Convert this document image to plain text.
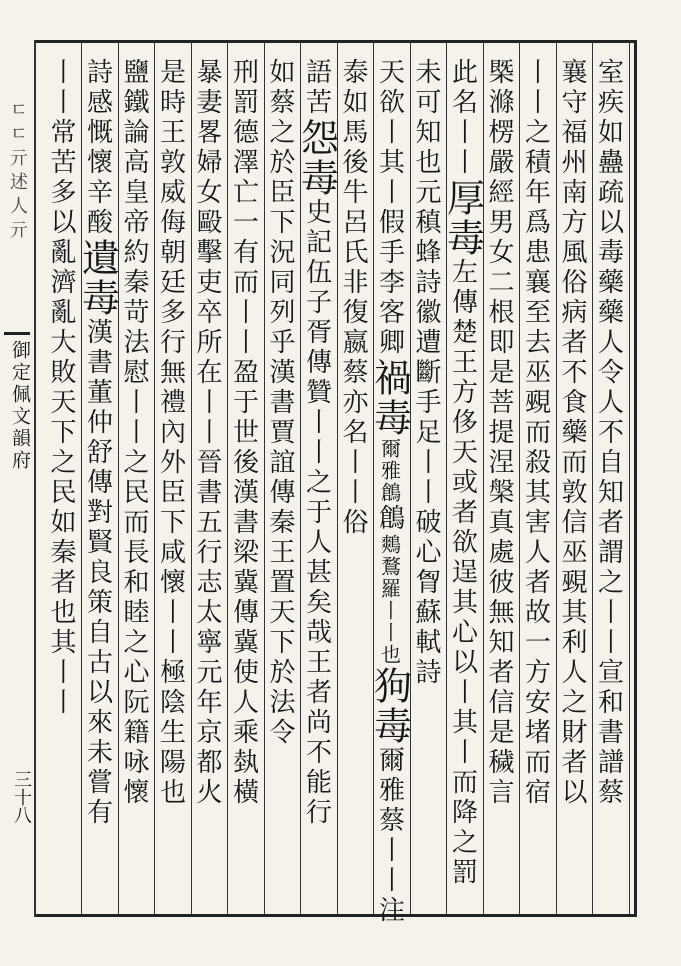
ㄷㄷ亓述人亓
御定佩文韻府
三十八	室疾如蠱疏以毒藥藥人令人不自知者謂之丨丨宣和書譜蔡
襄守福州南方風俗病者不食藥而敦信巫覡其利人之財者以
丨丨之積年爲患襄至去巫覡而殺其害人者故一方安堵而宿
槩滌楞嚴經男女二根即是菩提涅槃真處彼無知者信是穢言
此名丨丨厚毒左傳楚王方侈天或者欲逞其心以丨其丨而降之罰
未可知也元稹蜂詩徽遭斷手足丨丨破心胷蘇軾詩
天欲丨其丨假手李客卿禍毒爾雅鶬鶬鷞鶩羅丨丨也狗毒爾雅蔡丨丨注
泰如馬後牛呂氏非復嬴蔡亦名丨丨俗
語苦怨毒史記伍子胥傳贊丨丨之于人甚矣哉王者尚不能行
如蔡之於臣下況同列乎漢書賈誼傳秦王置天下於法令
刑罰德澤亡一有而丨丨盈于世後漢書梁冀傳冀使人乘埶橫
暴妻畧婦女毆擊吏卒所在丨丨晉書五行志太寧元年京都火
是時王敦威侮朝廷多行無禮內外臣下咸懷丨丨極陰生陽也
鹽鐵論高皇帝約秦苛法慰丨丨之民而長和睦之心阮籍咏懷
詩感慨懷辛酸遺毒漢書董仲舒傳對賢良策自古以來未嘗有
丨丨常苦多以亂濟亂大敗天下之民如秦者也其丨丨
